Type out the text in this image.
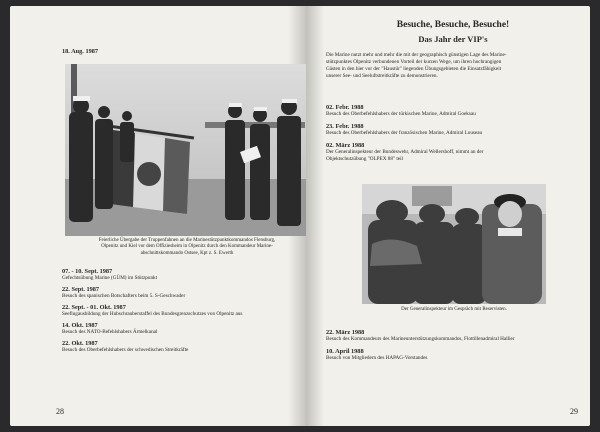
18. Aug. 1987
Feierliche Übergabe der Truppenfahnen an die Marinestützpunktkommandos Flensburg,
Olpenitz und Kiel vor dem Offiziesheim in Olpenitz durch den Kommandeur Marine-
abschnittskommando Ostsee, Kpt z. S. Ewerth
07. - 10. Sept. 1987
Gefechtsübung Marine (GÜM) im Stützpunkt
22. Sept. 1987
Besuch des spanischen Botschafters beim 5. S-Geschwader
22. Sept. - 01. Okt. 1987
Seeflugausbildung der Hubschrauberstaffel des Bundesgrenzschutzes von Olpenitz aus
14. Okt. 1987
Besuch des NATO-Befehlshabers Ärmelkanal
22. Okt. 1987
Besuch des Oberbefehlshabers der schwedischen Streitkräfte
28
Besuche, Besuche, Besuche!
Das Jahr der VIP's
Die Marine nutzt mehr und mehr die mit der geographisch günstigen Lage des Marine-
stützpunktes Olpenitz verbundenen Vorteil der kurzen Wege, um ihren hochrangigen
Gästen in den hier vor der "Haustür" liegenden Übungsgebieten die Einsatzfähigkeit
unserer See- und Seeluftstreitkräfte zu demonstrieren.
02. Febr. 1988
Besuch des Oberbefehlshabers der türkischen Marine, Admiral Goeksau
23. Febr. 1988
Besuch des Oberbefehlshabers der französischen Marine, Admiral Louseau
02. März 1988
Der Generalinspekteur der Bundeswehr, Admiral Wellershoff, nimmt an der
Objektschutzübung "OLPEX 88" teil
Der Generalinspekteur im Gespräch mit Reservisten.
22. März 1988
Besuch des Kommandeurs des Marineunterstützungskommandos, Flottillenadmiral Hallier
10. April 1988
Besuch von Mitgliedern des HAPAG-Vorstandes
29
